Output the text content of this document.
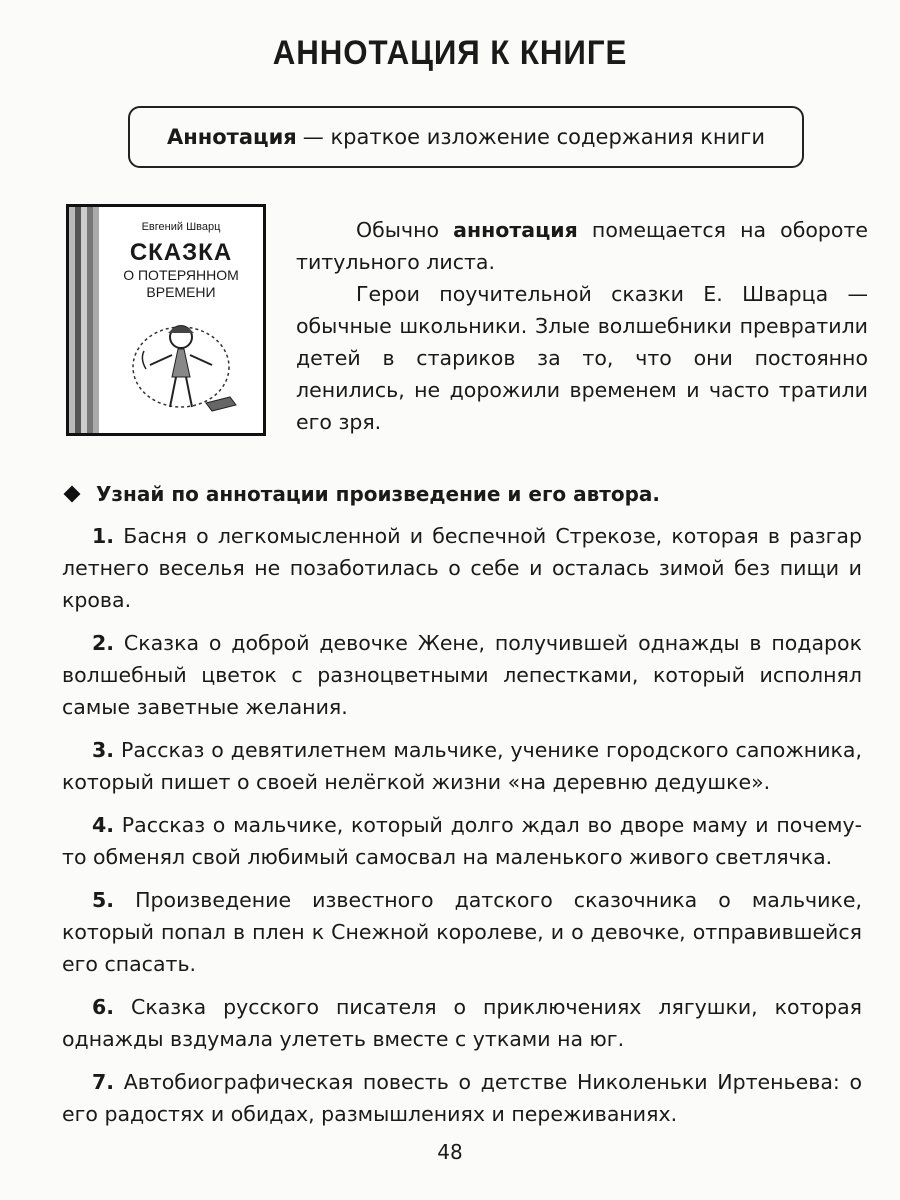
АННОТАЦИЯ К КНИГЕ
Аннотация — краткое изложение содержания книги
Евгений Шварц
СКАЗКА
О ПОТЕРЯННОМ
ВРЕМЕНИ

Обычно аннотация помещается на обороте титульного листа.

Герои поучительной сказки Е. Шварца — обычные школьники. Злые волшебники превратили детей в стариков за то, что они постоянно ленились, не дорожили временем и часто тратили его зря.

Узнай по аннотации произведение и его автора.

1. Басня о легкомысленной и беспечной Стрекозе, которая в разгар летнего веселья не позаботилась о себе и осталась зимой без пищи и крова.

2. Сказка о доброй девочке Жене, получившей однажды в подарок волшебный цветок с разноцветными лепестками, который исполнял самые заветные желания.

3. Рассказ о девятилетнем мальчике, ученике городского сапожника, который пишет о своей нелёгкой жизни «на деревню дедушке».

4. Рассказ о мальчике, который долго ждал во дворе маму и почему-то обменял свой любимый самосвал на маленького живого светлячка.

5. Произведение известного датского сказочника о мальчике, который попал в плен к Снежной королеве, и о девочке, отправившейся его спасать.

6. Сказка русского писателя о приключениях лягушки, которая однажды вздумала улететь вместе с утками на юг.

7. Автобиографическая повесть о детстве Николеньки Иртеньева: о его радостях и обидах, размышлениях и переживаниях.

48
